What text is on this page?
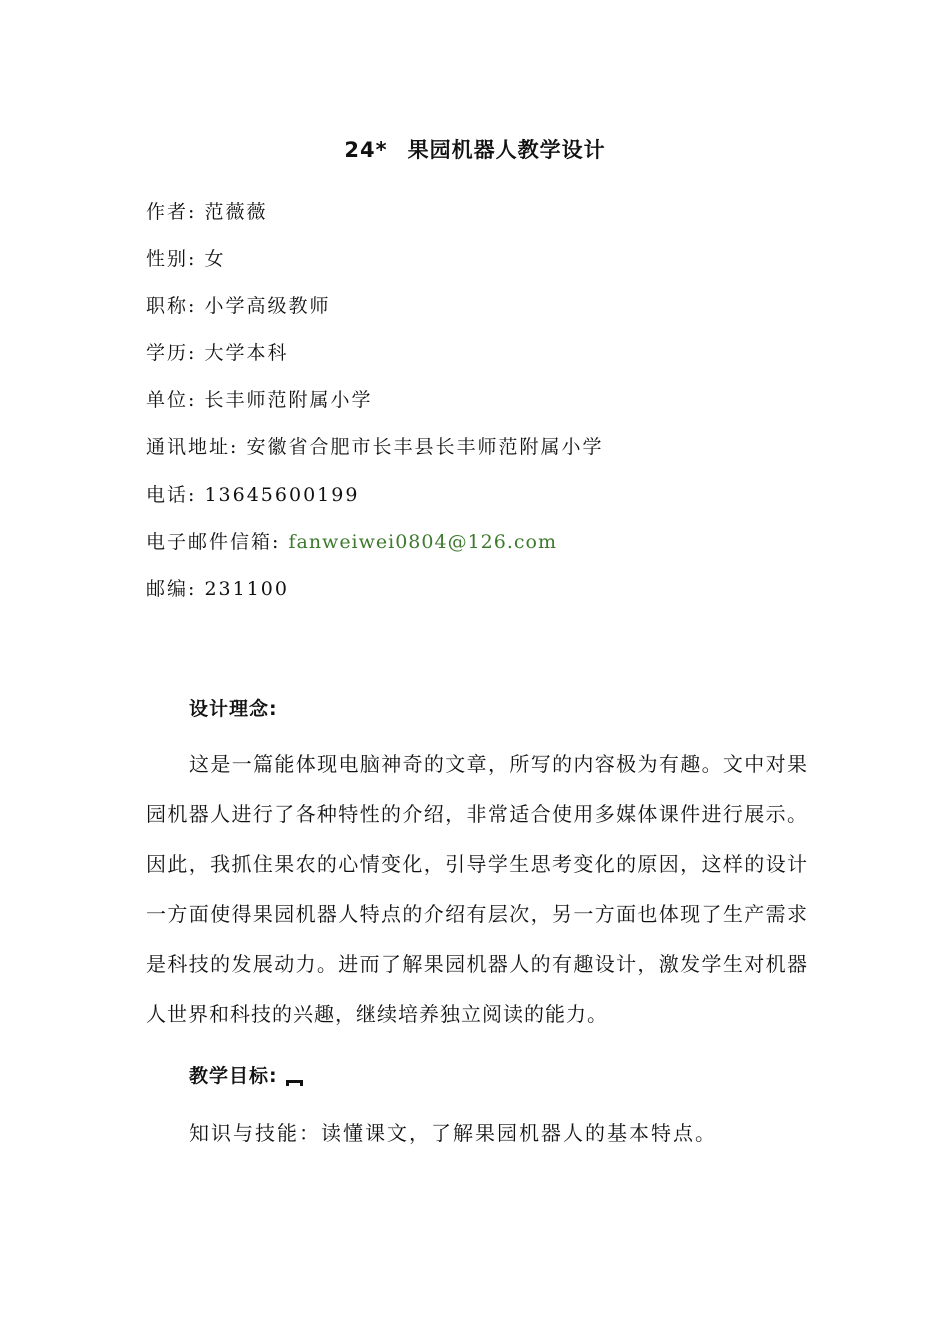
24* 果园机器人教学设计
作者: 范薇薇
性别: 女
职称: 小学高级教师
学历: 大学本科
单位: 长丰师范附属小学
通讯地址: 安徽省合肥市长丰县长丰师范附属小学
电话: 13645600199
电子邮件信箱: fanweiwei0804@126.com
邮编: 231100
设计理念:
这是一篇能体现电脑神奇的文章，所写的内容极为有趣。文中对果园机器人进行了各种特性的介绍，非常适合使用多媒体课件进行展示。因此，我抓住果农的心情变化，引导学生思考变化的原因，这样的设计一方面使得果园机器人特点的介绍有层次，另一方面也体现了生产需求是科技的发展动力。进而了解果园机器人的有趣设计，激发学生对机器人世界和科技的兴趣，继续培养独立阅读的能力。
教学目标:
知识与技能：读懂课文，了解果园机器人的基本特点。
